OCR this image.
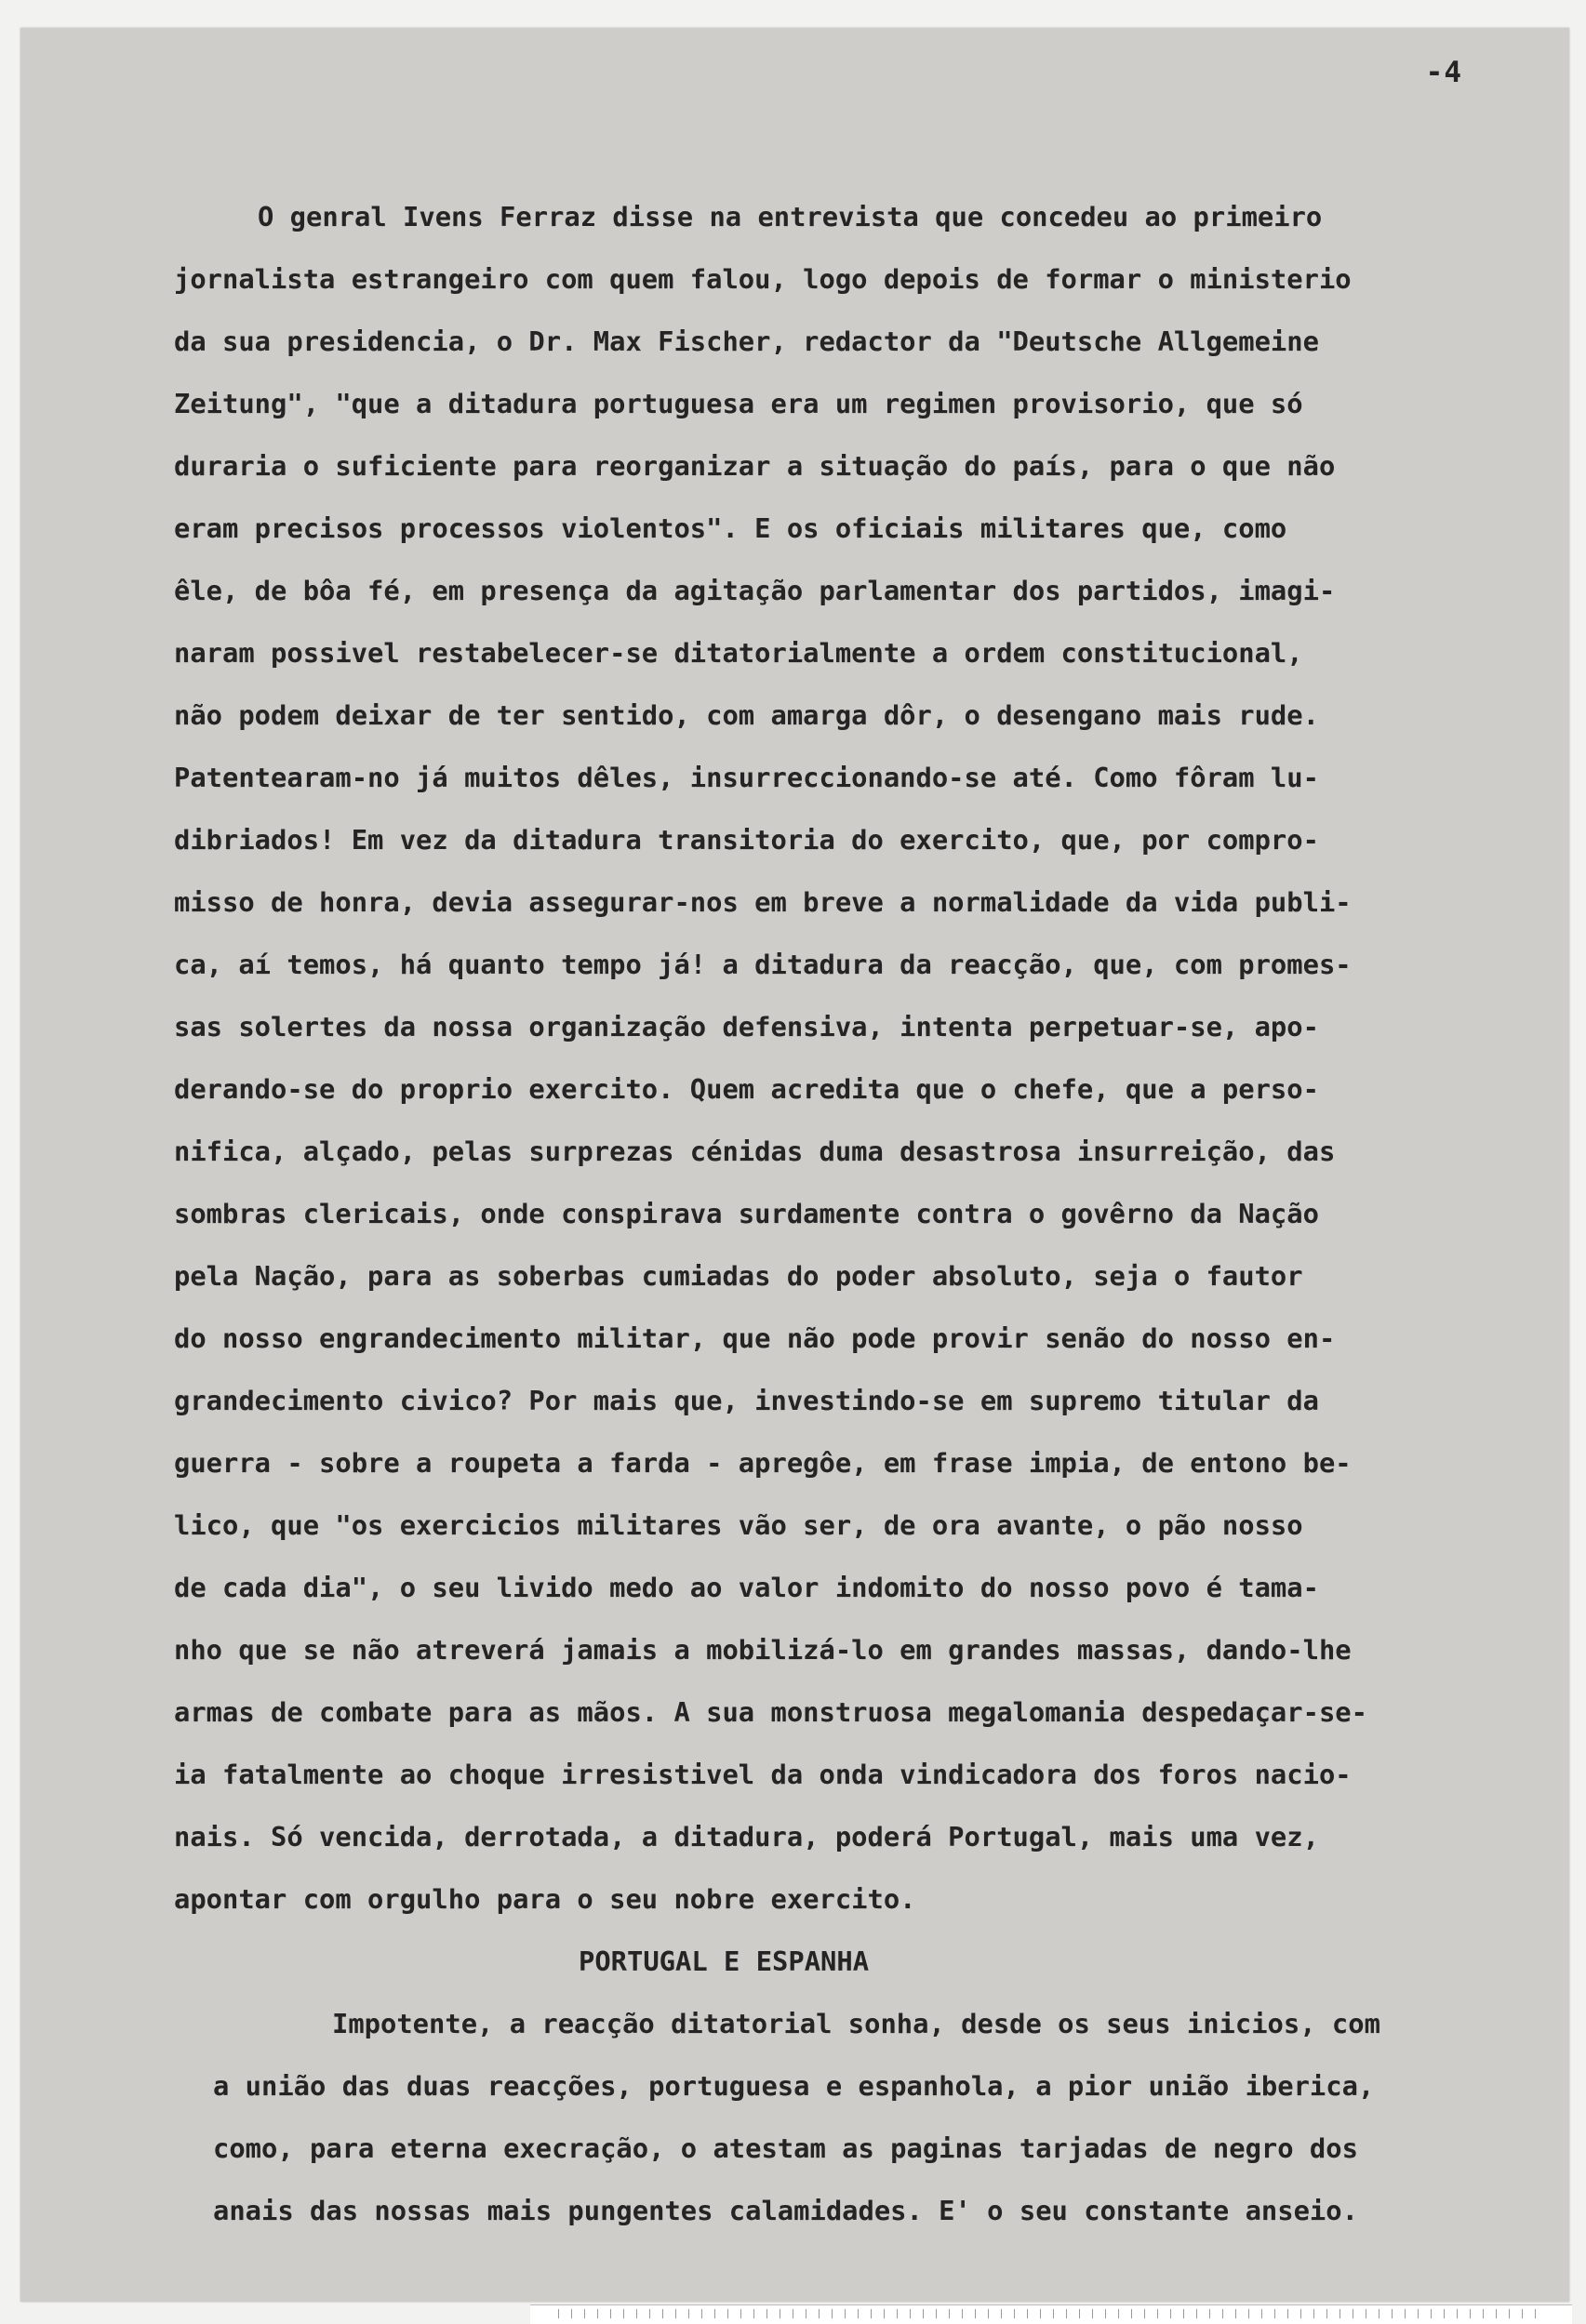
-4
O genral Ivens Ferraz disse na entrevista que concedeu ao primeiro
jornalista estrangeiro com quem falou, logo depois de formar o ministerio
da sua presidencia, o Dr. Max Fischer, redactor da "Deutsche Allgemeine
Zeitung", "que a ditadura portuguesa era um regimen provisorio, que só
duraria o suficiente para reorganizar a situação do país, para o que não
eram precisos processos violentos". E os oficiais militares que, como
êle, de bôa fé, em presença da agitação parlamentar dos partidos, imagi-
naram possivel restabelecer-se ditatorialmente a ordem constitucional,
não podem deixar de ter sentido, com amarga dôr, o desengano mais rude.
Patentearam-no já muitos dêles, insurreccionando-se até. Como fôram lu-
dibriados! Em vez da ditadura transitoria do exercito, que, por compro-
misso de honra, devia assegurar-nos em breve a normalidade da vida publi-
ca, aí temos, há quanto tempo já! a ditadura da reacção, que, com promes-
sas solertes da nossa organização defensiva, intenta perpetuar-se, apo-
derando-se do proprio exercito. Quem acredita que o chefe, que a perso-
nifica, alçado, pelas surprezas cénidas duma desastrosa insurreição, das
sombras clericais, onde conspirava surdamente contra o govêrno da Nação
pela Nação, para as soberbas cumiadas do poder absoluto, seja o fautor
do nosso engrandecimento militar, que não pode provir senão do nosso en-
grandecimento civico? Por mais que, investindo-se em supremo titular da
guerra - sobre a roupeta a farda - apregôe, em frase impia, de entono be-
lico, que "os exercicios militares vão ser, de ora avante, o pão nosso
de cada dia", o seu livido medo ao valor indomito do nosso povo é tama-
nho que se não atreverá jamais a mobilizá-lo em grandes massas, dando-lhe
armas de combate para as mãos. A sua monstruosa megalomania despedaçar-se-
ia fatalmente ao choque irresistivel da onda vindicadora dos foros nacio-
nais. Só vencida, derrotada, a ditadura, poderá Portugal, mais uma vez,
apontar com orgulho para o seu nobre exercito.
PORTUGAL E ESPANHA
Impotente, a reacção ditatorial sonha, desde os seus inicios, com
a união das duas reacções, portuguesa e espanhola, a pior união iberica,
como, para eterna execração, o atestam as paginas tarjadas de negro dos
anais das nossas mais pungentes calamidades. E' o seu constante anseio.
